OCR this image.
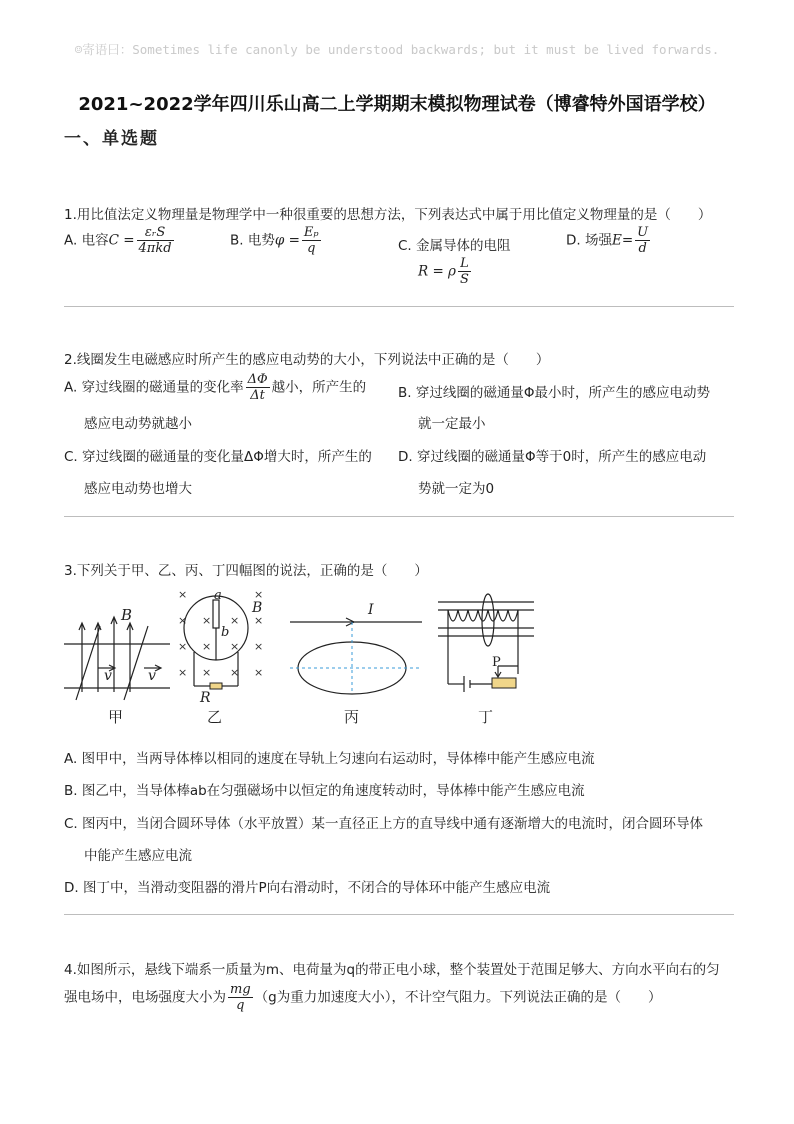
☺寄语曰：Sometimes life canonly be understood backwards; but it must be lived forwards.
2021~2022学年四川乐山高二上学期期末模拟物理试卷（博睿特外国语学校）
一、单选题
1.用比值法定义物理量是物理学中一种很重要的思想方法，下列表达式中属于用比值定义物理量的是（　　）
A. 电容$C = \frac{\text{εᵣS}}{\text{4πkd}}$	B. 电势$\varphi = \frac{\text{Eₚ}}{q}$	C. 金属导体的电阻
R = ρ $\frac{L}{S}$
D. 场强$E= \frac{U}{d}$
2.线圈发生电磁感应时所产生的感应电动势的大小，下列说法中正确的是（　　）
A. 穿过线圈的磁通量的变化率 $\frac{\Delta\Phi}{\Delta t}$ 越小，所产生的
感应电动势就越小
B. 穿过线圈的磁通量Φ最小时，所产生的感应电动势
就一定最小
C. 穿过线圈的磁通量的变化量ΔΦ增大时，所产生的
感应电动势也增大
D. 穿过线圈的磁通量Φ等于0时，所产生的感应电动
势就一定为0
3.下列关于甲、乙、丙、丁四幅图的说法，正确的是（　　）
B
v	v
甲
×	×
× × × ×
× × × ×
× × × ×
a
b
B
R
乙
I
丙
P
丁
A. 图甲中，当两导体棒以相同的速度在导轨上匀速向右运动时，导体棒中能产生感应电流
B. 图乙中，当导体棒ab在匀强磁场中以恒定的角速度转动时，导体棒中能产生感应电流
C. 图丙中，当闭合圆环导体（水平放置）某一直径正上方的直导线中通有逐渐增大的电流时，闭合圆环导体
中能产生感应电流
D. 图丁中，当滑动变阻器的滑片P向右滑动时，不闭合的导体环中能产生感应电流
4.如图所示，悬线下端系一质量为m、电荷量为q的带正电小球，整个装置处于范围足够大、方向水平向右的匀
强电场中，电场强度大小为 $\frac{mg}{q} (g$为重力加速度大小），不计空气阻力。下列说法正确的是（　　）
